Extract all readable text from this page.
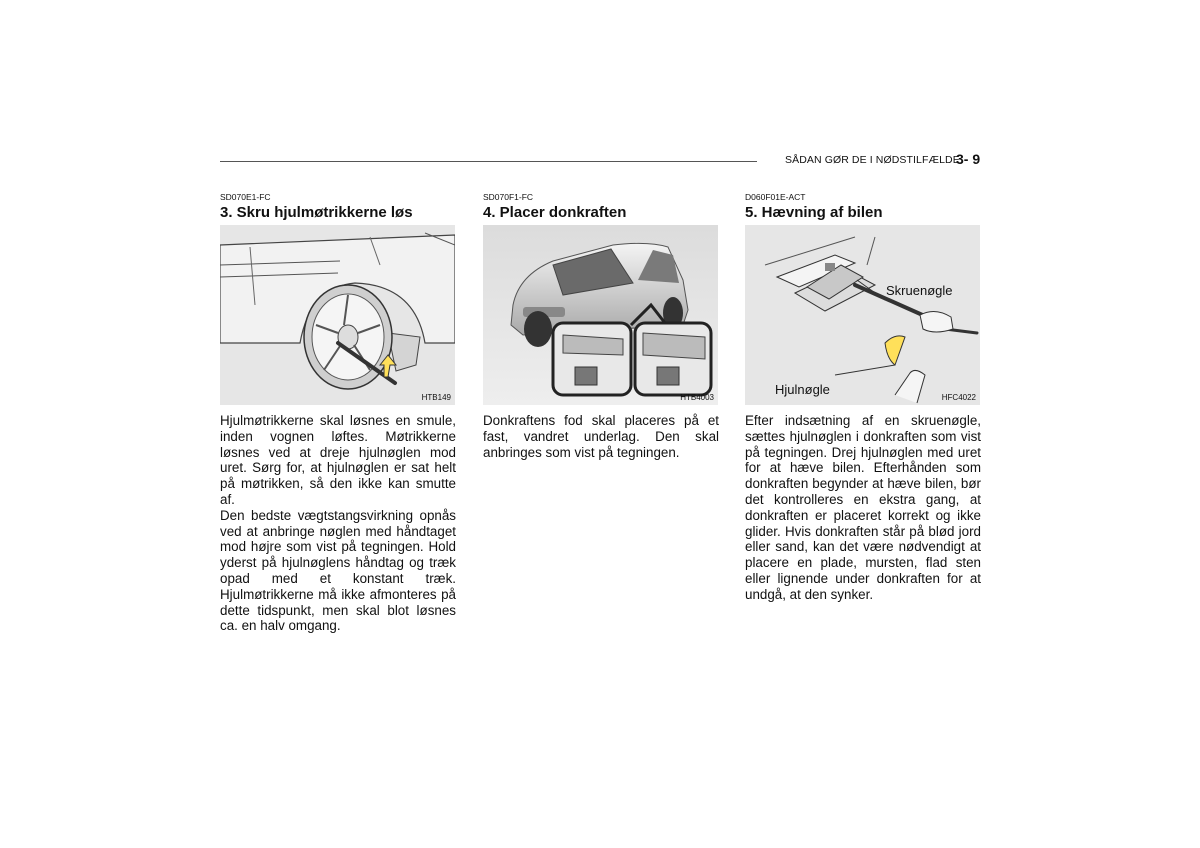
SÅDAN GØR DE I NØDSTILFÆLDE
3- 9
SD070E1-FC
3. Skru hjulmøtrikkerne løs
HTB149

Hjulmøtrikkerne skal løsnes en smule, inden vognen løftes. Møtrikkerne løsnes ved at dreje hjulnøglen mod uret. Sørg for, at hjulnøglen er sat helt på møtrikken, så den ikke kan smutte af.

Den bedste vægtstangsvirkning opnås ved at anbringe nøglen med håndtaget mod højre som vist på tegningen. Hold yderst på hjulnøglens håndtag og træk opad med et konstant træk. Hjulmøtrikkerne må ikke afmonteres på dette tidspunkt, men skal blot løsnes ca. en halv omgang.

SD070F1-FC
4. Placer donkraften
HTB4003

Donkraftens fod skal placeres på et fast, vandret underlag. Den skal anbringes som vist på tegningen.

D060F01E-ACT
5. Hævning af bilen
Skruenøgle
Hjulnøgle
HFC4022

Efter indsætning af en skruenøgle, sættes hjulnøglen i donkraften som vist på tegningen. Drej hjulnøglen med uret for at hæve bilen. Efterhånden som donkraften begynder at hæve bilen, bør det kontrolleres en ekstra gang, at donkraften er placeret korrekt og ikke glider. Hvis donkraften står på blød jord eller sand, kan det være nødvendigt at placere en plade, mursten, flad sten eller lignende under donkraften for at undgå, at den synker.
